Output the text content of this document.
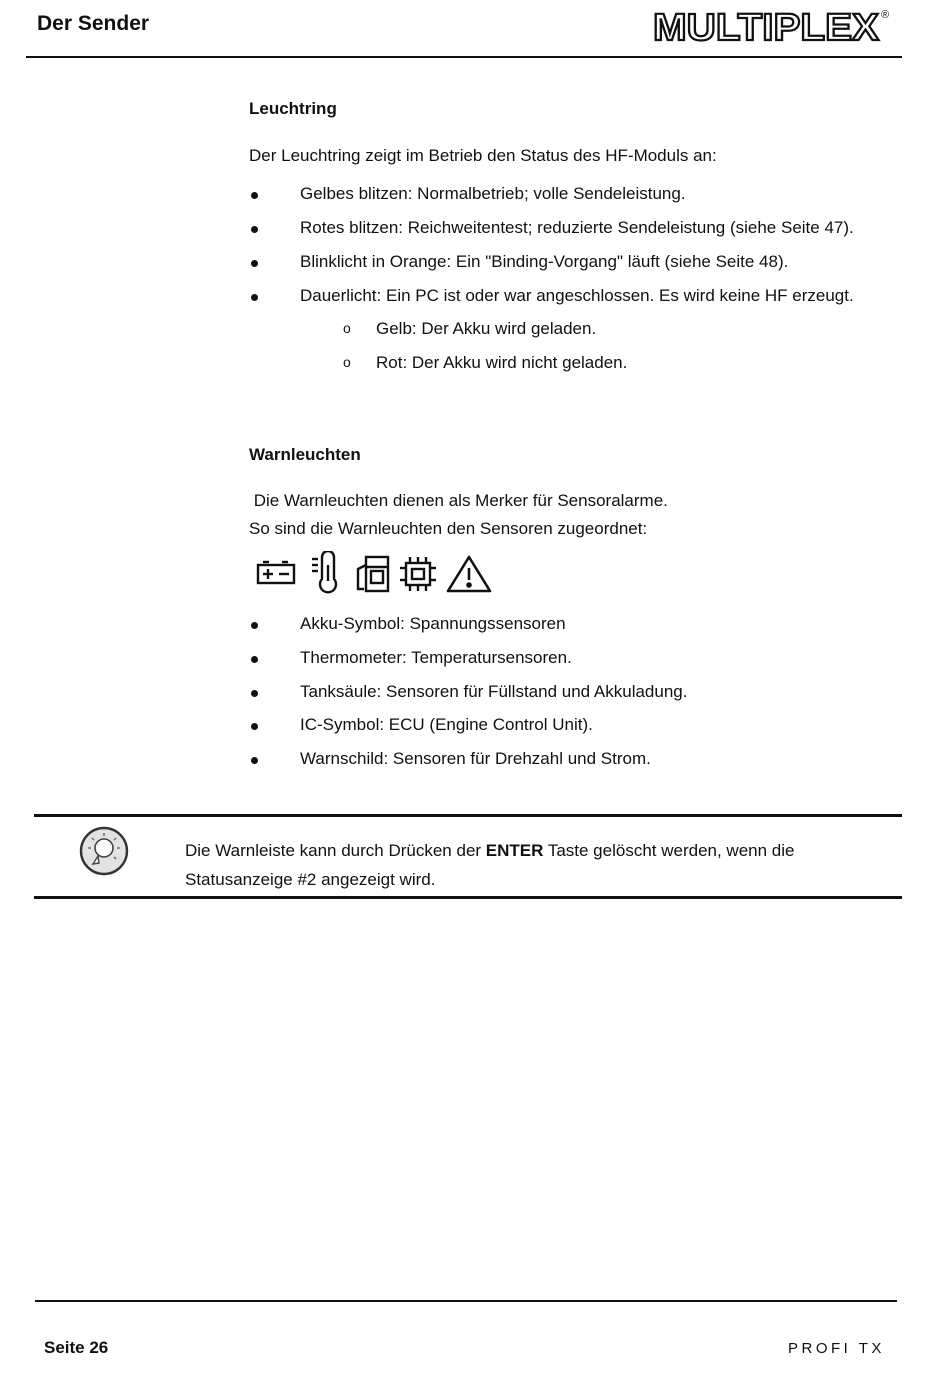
Der Sender	MULTIPLEX ®
Leuchtring
Der Leuchtring zeigt im Betrieb den Status des HF-Moduls an:
Gelbes blitzen: Normalbetrieb; volle Sendeleistung.
Rotes blitzen: Reichweitentest; reduzierte Sendeleistung (siehe Seite 47).
Blinklicht in Orange: Ein "Binding-Vorgang" läuft (siehe Seite 48).
Dauerlicht: Ein PC ist oder war angeschlossen. Es wird keine HF erzeugt.
o Gelb: Der Akku wird geladen.
o Rot: Der Akku wird nicht geladen.
Warnleuchten
Die Warnleuchten dienen als Merker für Sensoralarme.
So sind die Warnleuchten den Sensoren zugeordnet:
Akku-Symbol: Spannungssensoren
Thermometer: Temperatursensoren.
Tanksäule: Sensoren für Füllstand und Akkuladung.
IC-Symbol: ECU (Engine Control Unit).
Warnschild: Sensoren für Drehzahl und Strom.
Die Warnleiste kann durch Drücken der ENTER Taste gelöscht werden, wenn die Statusanzeige #2 angezeigt wird.
Seite 26	PROFI TX
